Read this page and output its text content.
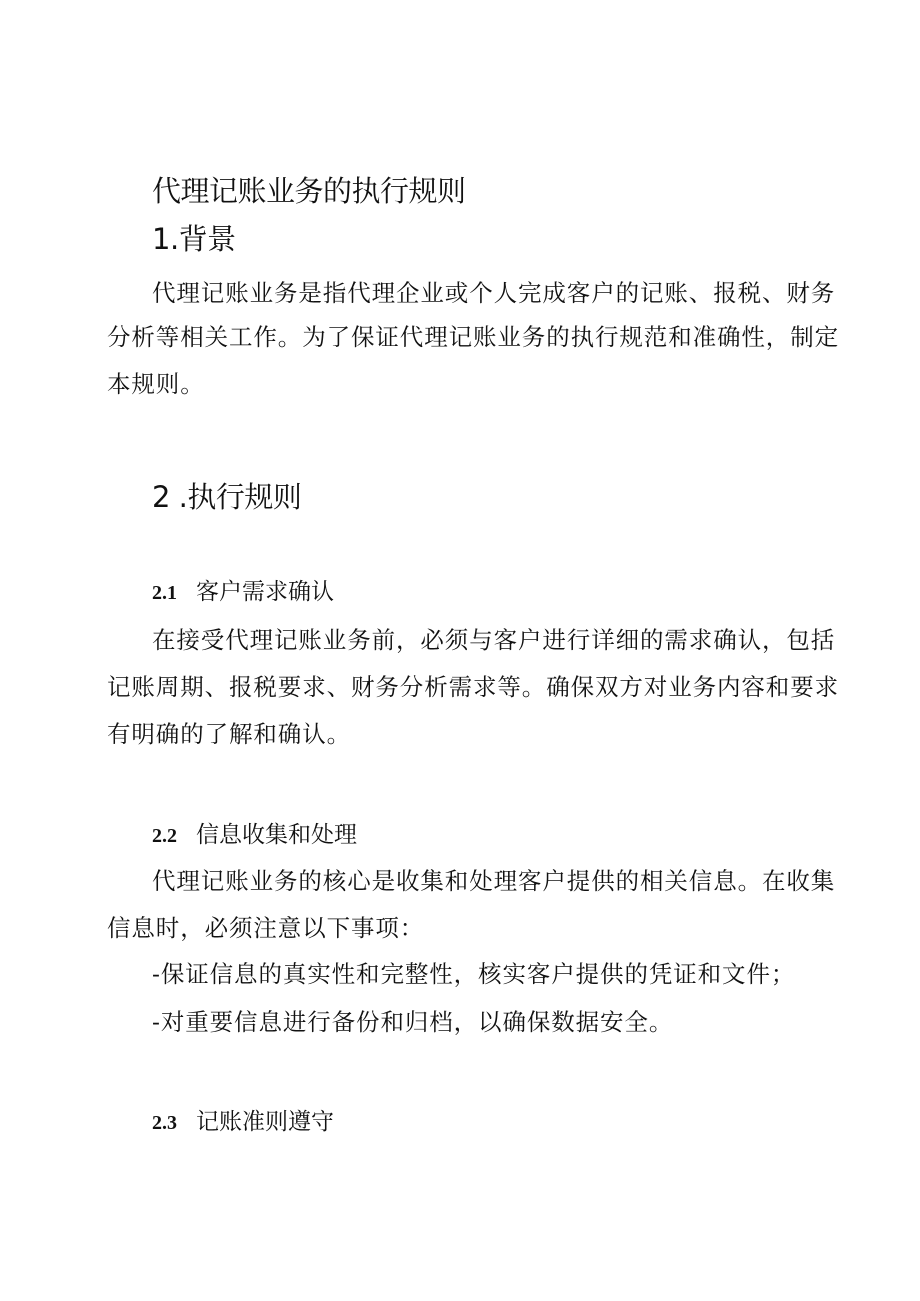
代理记账业务的执行规则
1.背景

代理记账业务是指代理企业或个人完成客户的记账、报税、财务

分析等相关工作。为了保证代理记账业务的执行规范和准确性，制定

本规则。

2 .执行规则
2.1 客户需求确认

在接受代理记账业务前，必须与客户进行详细的需求确认，包括

记账周期、报税要求、财务分析需求等。确保双方对业务内容和要求

有明确的了解和确认。

2.2 信息收集和处理

代理记账业务的核心是收集和处理客户提供的相关信息。在收集

信息时，必须注意以下事项：

-保证信息的真实性和完整性，核实客户提供的凭证和文件；

-对重要信息进行备份和归档，以确保数据安全。

2.3 记账准则遵守
